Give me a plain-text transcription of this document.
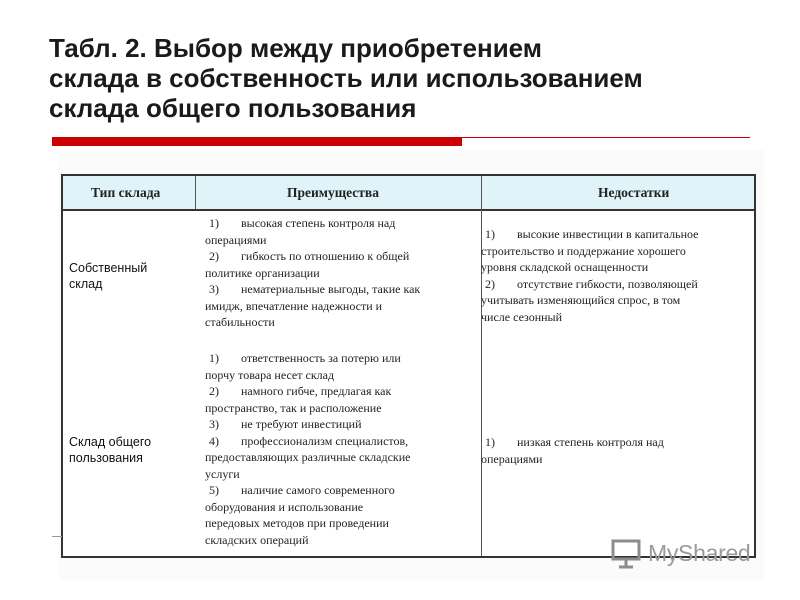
Табл. 2. Выбор между приобретением
склада в собственность или использованием
склада общего пользования
Тип склада	Преимущества	Недостатки
Собственный склад
Склад общего пользования
1) высокая степень контроля над
операциями
2) гибкость по отношению к общей
политике организации
3) нематериальные выгоды, такие как
имидж, впечатление надежности и
стабильности
1) высокие инвестиции в капитальное
строительство и поддержание хорошего
уровня складской оснащенности
2) отсутствие гибкости, позволяющей
учитывать изменяющийся спрос, в том
числе сезонный
1) ответственность за потерю или
порчу товара несет склад
2) намного гибче, предлагая как
пространство, так и расположение
3) не требуют инвестиций
4) профессионализм специалистов,
предоставляющих различные складские
услуги
5) наличие самого современного
оборудования и использование
передовых методов при проведении
складских операций
1) низкая степень контроля над
операциями
MyShared
